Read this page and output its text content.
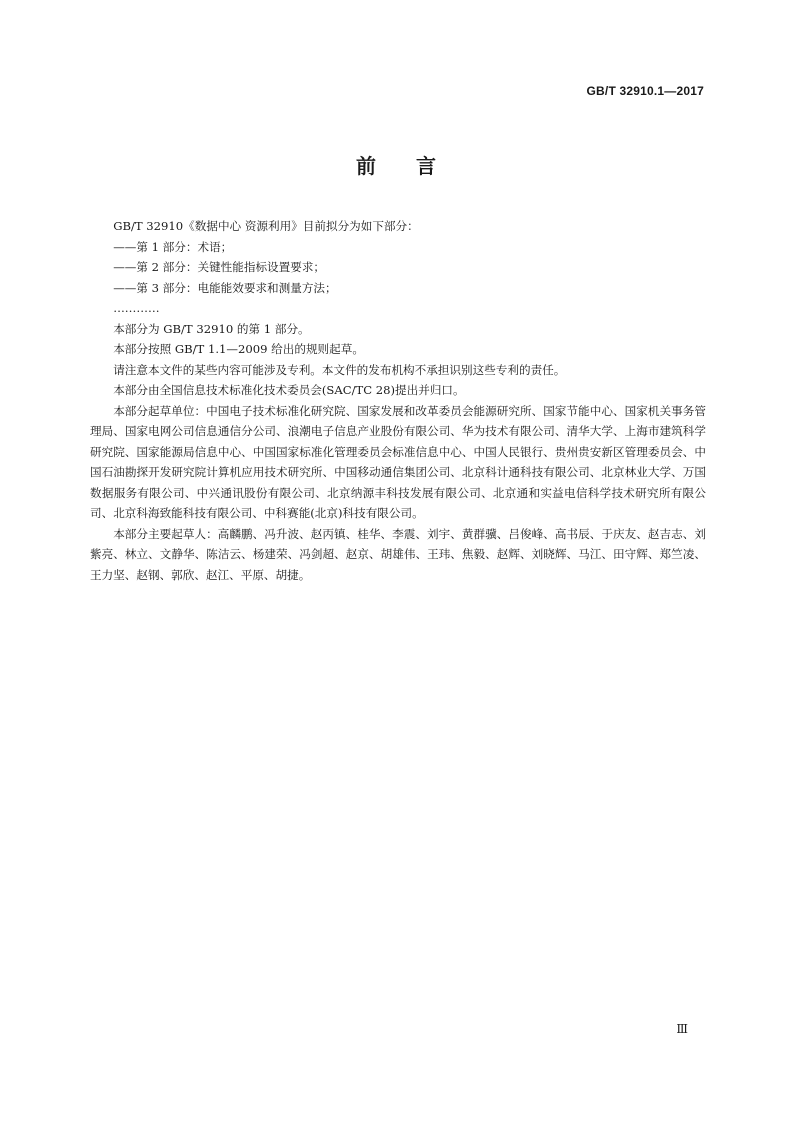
GB/T 32910.1—2017
前 言

GB/T 32910《数据中心 资源利用》目前拟分为如下部分：

——第 1 部分：术语；

——第 2 部分：关键性能指标设置要求；

——第 3 部分：电能能效要求和测量方法；

…………

本部分为 GB/T 32910 的第 1 部分。

本部分按照 GB/T 1.1—2009 给出的规则起草。

请注意本文件的某些内容可能涉及专利。本文件的发布机构不承担识别这些专利的责任。

本部分由全国信息技术标准化技术委员会(SAC/TC 28)提出并归口。

本部分起草单位：中国电子技术标准化研究院、国家发展和改革委员会能源研究所、国家节能中心、国家机关事务管理局、国家电网公司信息通信分公司、浪潮电子信息产业股份有限公司、华为技术有限公司、清华大学、上海市建筑科学研究院、国家能源局信息中心、中国国家标准化管理委员会标准信息中心、中国人民银行、贵州贵安新区管理委员会、中国石油勘探开发研究院计算机应用技术研究所、中国移动通信集团公司、北京科计通科技有限公司、北京林业大学、万国数据服务有限公司、中兴通讯股份有限公司、北京纳源丰科技发展有限公司、北京通和实益电信科学技术研究所有限公司、北京科海致能科技有限公司、中科赛能(北京)科技有限公司。

本部分主要起草人：高麟鹏、冯升波、赵丙镇、桂华、李震、刘宇、黄群骥、吕俊峰、高书辰、于庆友、赵吉志、刘紫亮、林立、文静华、陈洁云、杨建荣、冯剑超、赵京、胡雄伟、王玮、焦毅、赵辉、刘晓辉、马江、田守辉、郑竺凌、王力坚、赵钢、郭欣、赵江、平原、胡捷。

Ⅲ
